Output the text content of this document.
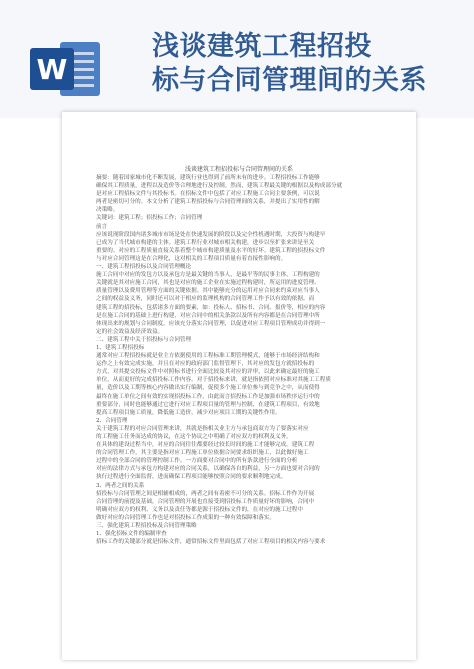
W
浅谈建筑工程招投
标与合同管理间的关系
浅谈建筑工程招投标与合同管理间的关系
摘要：随着国家城市化不断发展，建筑行业也得到了前所未有的进步。工程招投标工作能够
确保其工程质量，进程以及造价等合理地进行及控制。然而，建筑工程最关键的根据以及构成部分就
是对应工程招标文件与其投标书。在招标文件中包括了对应工程施工合同主要条例，可以说
两者是密切可分的。本文分析了建筑工程招投标与合同管理间的关系，并提出了实用性的解
决策略。
关键词：建筑工程；招投标工作；合同管理
前言
应该说现阶段国内诸多城市市场是处在快速发展的阶段以及完全性机遇时期，大投资与构建早
已成为了当代城市构建的主体。建筑工程行业对城市相关构建，进步以至扩张来讲是至关
重要的。对应的工程质量直接关系着整个城市构建质量及水平的好坏。建筑工程的招投标文件
与对应合同管理这是在合理化，这对相关的工程项目质量有着直接性影响的。
一、建筑工程招投标以及合同管理概论
施工合同中对应的发包方以及承包方是最关键的当事人，是最平等的民事主体。工程构建的
关键就是其对应施工合同，其也是对应的施工企业在实施过程构建时，所运用的进度管理、
质量管理以及费用管理等方面的关键依据。其中能够充分的运用对应合同来约束对应当事人
之间的权益及义务，同时还可以对于相应的监理机构的合同管理工作予以有效的依据。而
建筑工程的招投标，包括诸多方面的要素，如：投标人、招标书、合同、报价等，相应的内容
是在施工合同的基础上进行构建，对应合同中的相关条款以及所有内容都是在合同管理中所
体现出来的规划与合同制度，应该充分落实合同管理，以促进对应工程项目管理成功并得到一
定的社会效益及经济效益。
二、建筑工程中关于招投标与合同管理
1、建筑工程招投标
通常对应工程招投标就是业主方依据使用的工程标准工期管理模式，能够于市场经济结构和
运作之上有效完成实施，并且在对应的政府部门监督管理下，其对应的发包方就招投标的
方式，对其提交投标文件中对照标书进行全面比较及其对应的评审，以此来确定最好的施工
单位，从而更好的完成招投标工作内容。对于招投标来讲，就是指依照对应标准对其施工工程质
量，造价以及工期等核心内容做出实行编制，促使多个施工单位参与到竞争之中，从而使得
最终在施工单位之间有效的实现招投标工作，由此而言招投标工作是加强市场秩序运行中的
重要部分，同时也能够通过它进行对应工程项目量的管理与控制，在建筑工程项目，有效地
提高工程项目施工质量，降低施工造价，减少对应项目工期的关键性作用。
2、合同管理
关于建筑工程的对应合同管理来讲，其就是指相关业主方与承包商双方为了要落实对应
的工程施工任务而达成的协议，在这个协议之中明确了对应双方的权利及义务。
在具体的建设过程当中，对应的合同往往都要经过较长时间的施工才能够完成。建筑工程
的合同管理工作，其主要是指对应工程施工单位依据合同要求组织施工，以此做好施工
过程中的全部合同的管理控制工作。一方面要对合同中的所有条款进行全面的分析
对应的法律方式与承包方构建对应的合同关系，以确保各自的利益，另一方面也要对合同的
执行过程进行全面监督，进而确保工程项目能够按照合同的要求顺利地完成。
3、两者之间的关系
招投标与合同管理之间是相辅相成的，两者之间有着密不可分的关系。招标工作作为开展
合同管理的前提及基础，合同管理的开展也直接受到招投标工作质量好坏的影响，合同中
明确对应双方的权利、义务以及责任等都是源于招投标文件的，在对应的施工过程中
做好对应的合同管理工作也是对招投标工作成果的一种有效保障和落实。
三、强化建筑工程招投标及合同管理策略
1、强化招标文件的编制审查
招标工作的关键部分就是招标文件，通常招标文件里面包括了对应工程项目的相关内容与要求
